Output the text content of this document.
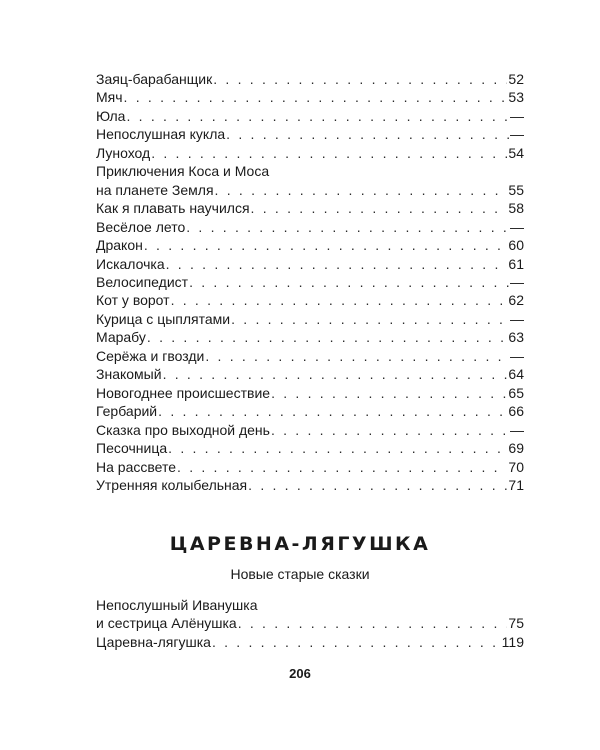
Заяц-барабанщик . . .	52
Мяч . . .	53
Юла . . .	—
Непослушная кукла . . .	—
Луноход . . .	54
Приключения Коса и Моса
на планете Земля . . .	55
Как я плавать научился . . .	58
Весёлое лето . . .	—
Дракон . . .	60
Искалочка . . .	61
Велосипедист . . .	—
Кот у ворот . . .	62
Курица с цыплятами . . .	—
Марабу . . .	63
Серёжа и гвозди . . .	—
Знакомый . . .	64
Новогоднее происшествие . . .	65
Гербарий . . .	66
Сказка про выходной день . . .	—
Песочница . . .	69
На рассвете . . .	70
Утренняя колыбельная . . .	71
ЦАРЕВНА-ЛЯГУШКА
Новые старые сказки
Непослушный Иванушка
и сестрица Алёнушка . . .	75
Царевна-лягушка . . .	119
206
